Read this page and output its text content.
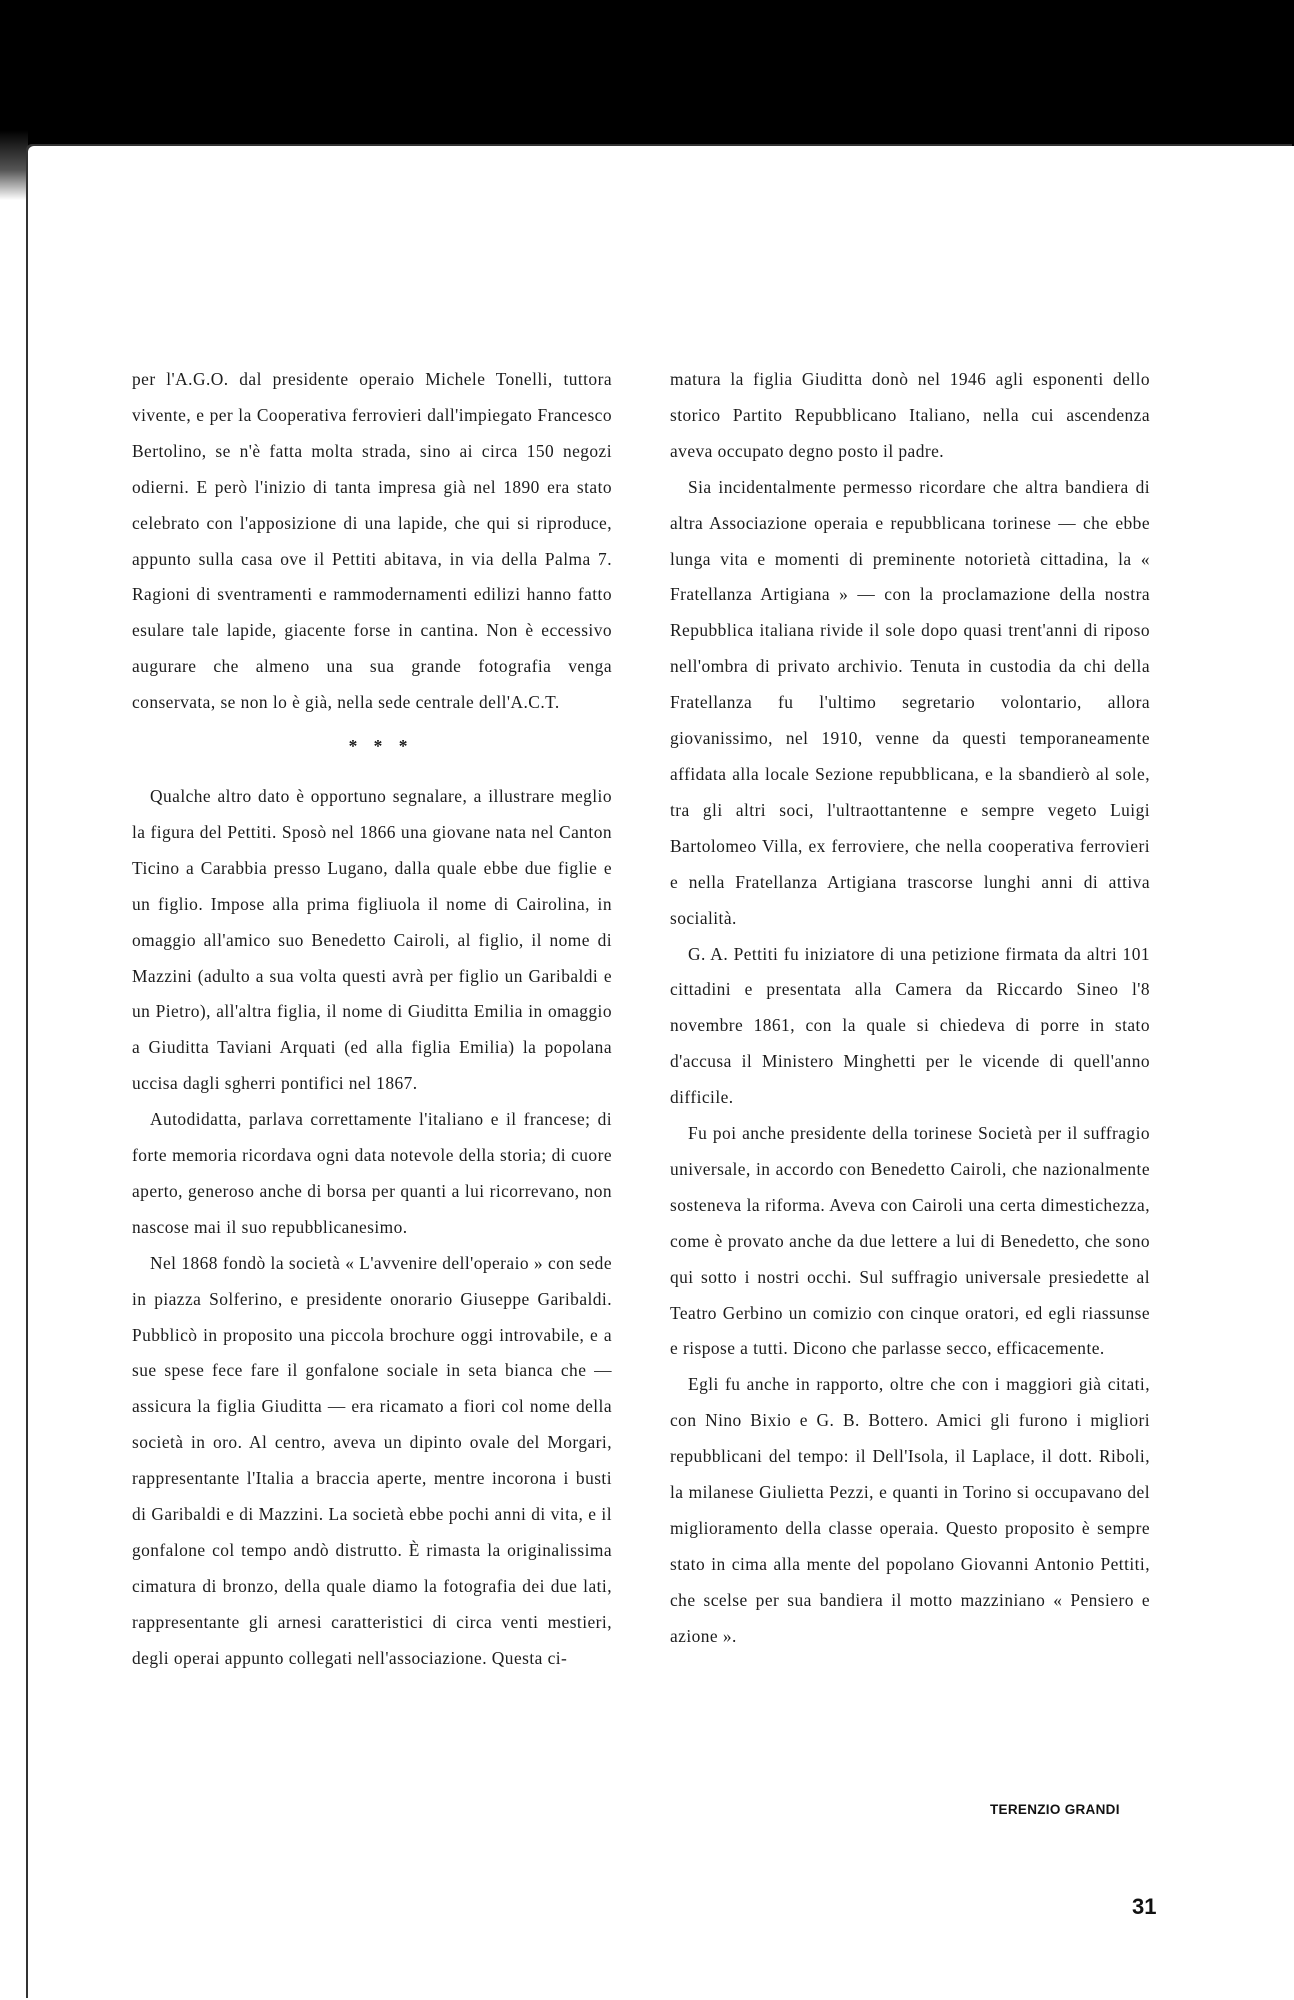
per l'A.G.O. dal presidente operaio Michele Tonelli, tuttora vivente, e per la Cooperativa ferrovieri dall'impiegato Francesco Bertolino, se n'è fatta molta strada, sino ai circa 150 negozi odierni. E però l'inizio di tanta impresa già nel 1890 era stato celebrato con l'apposizione di una lapide, che qui si riproduce, appunto sulla casa ove il Pettiti abitava, in via della Palma 7. Ragioni di sventramenti e rammodernamenti edilizi hanno fatto esulare tale lapide, giacente forse in cantina. Non è eccessivo augurare che almeno una sua grande fotografia venga conservata, se non lo è già, nella sede centrale dell'A.C.T.

* * *

Qualche altro dato è opportuno segnalare, a illustrare meglio la figura del Pettiti. Sposò nel 1866 una giovane nata nel Canton Ticino a Carabbia presso Lugano, dalla quale ebbe due figlie e un figlio. Impose alla prima figliuola il nome di Cairolina, in omaggio all'amico suo Benedetto Cairoli, al figlio, il nome di Mazzini (adulto a sua volta questi avrà per figlio un Garibaldi e un Pietro), all'altra figlia, il nome di Giuditta Emilia in omaggio a Giuditta Taviani Arquati (ed alla figlia Emilia) la popolana uccisa dagli sgherri pontifici nel 1867.

Autodidatta, parlava correttamente l'italiano e il francese; di forte memoria ricordava ogni data notevole della storia; di cuore aperto, generoso anche di borsa per quanti a lui ricorrevano, non nascose mai il suo repubblicanesimo.

Nel 1868 fondò la società « L'avvenire dell'operaio » con sede in piazza Solferino, e presidente onorario Giuseppe Garibaldi. Pubblicò in proposito una piccola brochure oggi introvabile, e a sue spese fece fare il gonfalone sociale in seta bianca che — assicura la figlia Giuditta — era ricamato a fiori col nome della società in oro. Al centro, aveva un dipinto ovale del Morgari, rappresentante l'Italia a braccia aperte, mentre incorona i busti di Garibaldi e di Mazzini. La società ebbe pochi anni di vita, e il gonfalone col tempo andò distrutto. È rimasta la originalissima cimatura di bronzo, della quale diamo la fotografia dei due lati, rappresentante gli arnesi caratteristici di circa venti mestieri, degli operai appunto collegati nell'associazione. Questa ci-

matura la figlia Giuditta donò nel 1946 agli esponenti dello storico Partito Repubblicano Italiano, nella cui ascendenza aveva occupato degno posto il padre.

Sia incidentalmente permesso ricordare che altra bandiera di altra Associazione operaia e repubblicana torinese — che ebbe lunga vita e momenti di preminente notorietà cittadina, la « Fratellanza Artigiana » — con la proclamazione della nostra Repubblica italiana rivide il sole dopo quasi trent'anni di riposo nell'ombra di privato archivio. Tenuta in custodia da chi della Fratellanza fu l'ultimo segretario volontario, allora giovanissimo, nel 1910, venne da questi temporaneamente affidata alla locale Sezione repubblicana, e la sbandierò al sole, tra gli altri soci, l'ultraottantenne e sempre vegeto Luigi Bartolomeo Villa, ex ferroviere, che nella cooperativa ferrovieri e nella Fratellanza Artigiana trascorse lunghi anni di attiva socialità.

G. A. Pettiti fu iniziatore di una petizione firmata da altri 101 cittadini e presentata alla Camera da Riccardo Sineo l'8 novembre 1861, con la quale si chiedeva di porre in stato d'accusa il Ministero Minghetti per le vicende di quell'anno difficile.

Fu poi anche presidente della torinese Società per il suffragio universale, in accordo con Benedetto Cairoli, che nazionalmente sosteneva la riforma. Aveva con Cairoli una certa dimestichezza, come è provato anche da due lettere a lui di Benedetto, che sono qui sotto i nostri occhi. Sul suffragio universale presiedette al Teatro Gerbino un comizio con cinque oratori, ed egli riassunse e rispose a tutti. Dicono che parlasse secco, efficacemente.

Egli fu anche in rapporto, oltre che con i maggiori già citati, con Nino Bixio e G. B. Bottero. Amici gli furono i migliori repubblicani del tempo: il Dell'Isola, il Laplace, il dott. Riboli, la milanese Giulietta Pezzi, e quanti in Torino si occupavano del miglioramento della classe operaia. Questo proposito è sempre stato in cima alla mente del popolano Giovanni Antonio Pettiti, che scelse per sua bandiera il motto mazziniano « Pensiero e azione ».

TERENZIO GRANDI
31
